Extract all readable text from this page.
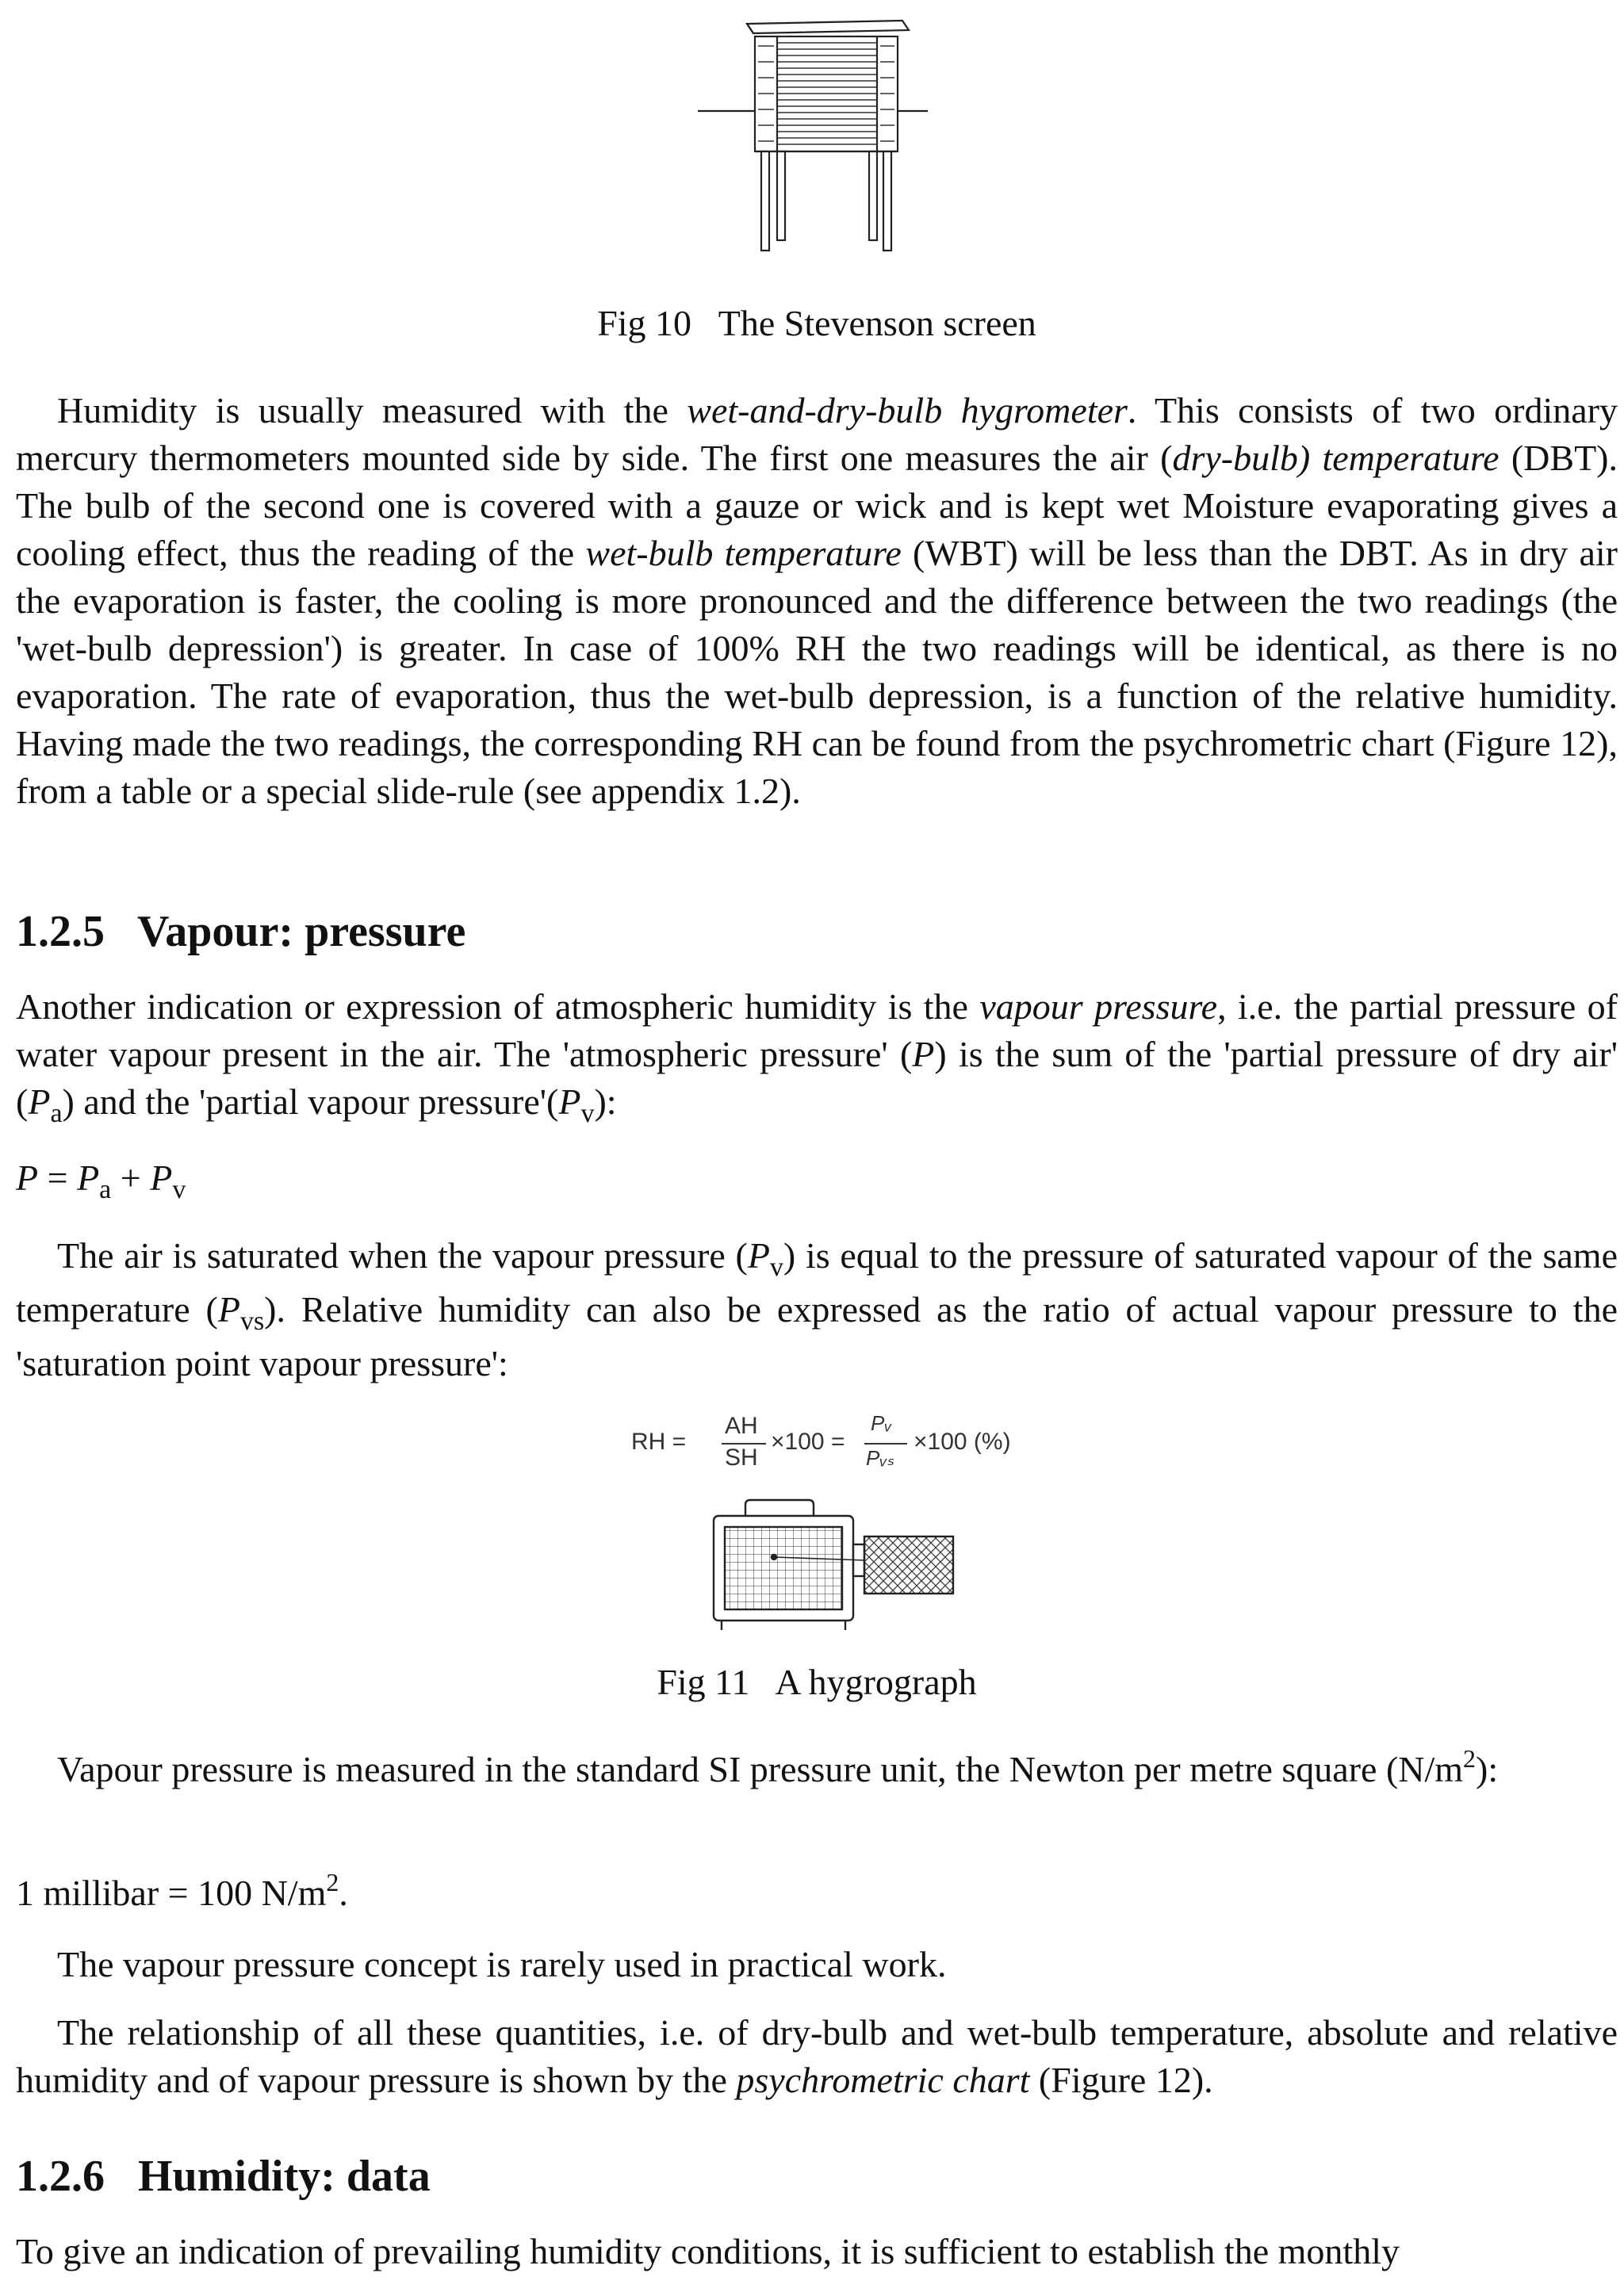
Fig 10   The Stevenson screen

Humidity is usually measured with the wet-and-dry-bulb hygrometer. This consists of two ordinary mercury thermometers mounted side by side. The first one measures the air (dry-bulb) temperature (DBT). The bulb of the second one is covered with a gauze or wick and is kept wet Moisture evaporating gives a cooling effect, thus the reading of the wet-bulb temperature (WBT) will be less than the DBT. As in dry air the evaporation is faster, the cooling is more pronounced and the difference between the two readings (the 'wet-bulb depression') is greater. In case of 100% RH the two readings will be identical, as there is no evaporation. The rate of evaporation, thus the wet-bulb depression, is a function of the relative humidity. Having made the two readings, the corresponding RH can be found from the psychrometric chart (Figure 12), from a table or a special slide-rule (see appendix 1.2).

1.2.5   Vapour: pressure

Another indication or expression of atmospheric humidity is the vapour pressure, i.e. the partial pressure of water vapour present in the air. The 'atmospheric pressure' (P) is the sum of the 'partial pressure of dry air' $(P_a)$ and the 'partial vapour $pressure'(P_v)$:

$P = P_a + P_v$

The air is saturated when the vapour pressure $(P_v)$ is equal to the pressure of saturated vapour of the same temperature $(P_{vs})$. Relative humidity can also be expressed as the ratio of actual vapour pressure to the 'saturation point vapour pressure':

RH =
AH
SH
×100 =
Pᵥ
Pᵥₛ
×100 (%)

Fig 11   A hygrograph

Vapour pressure is measured in the standard SI pressure unit, the Newton per metre square $(N/m^2)$:

1 millibar = 100 $N/m^2$.

The vapour pressure concept is rarely used in practical work.

The relationship of all these quantities, i.e. of dry-bulb and wet-bulb temperature, absolute and relative humidity and of vapour pressure is shown by the psychrometric chart (Figure 12).

1.2.6   Humidity: data

To give an indication of prevailing humidity conditions, it is sufficient to establish the monthly
